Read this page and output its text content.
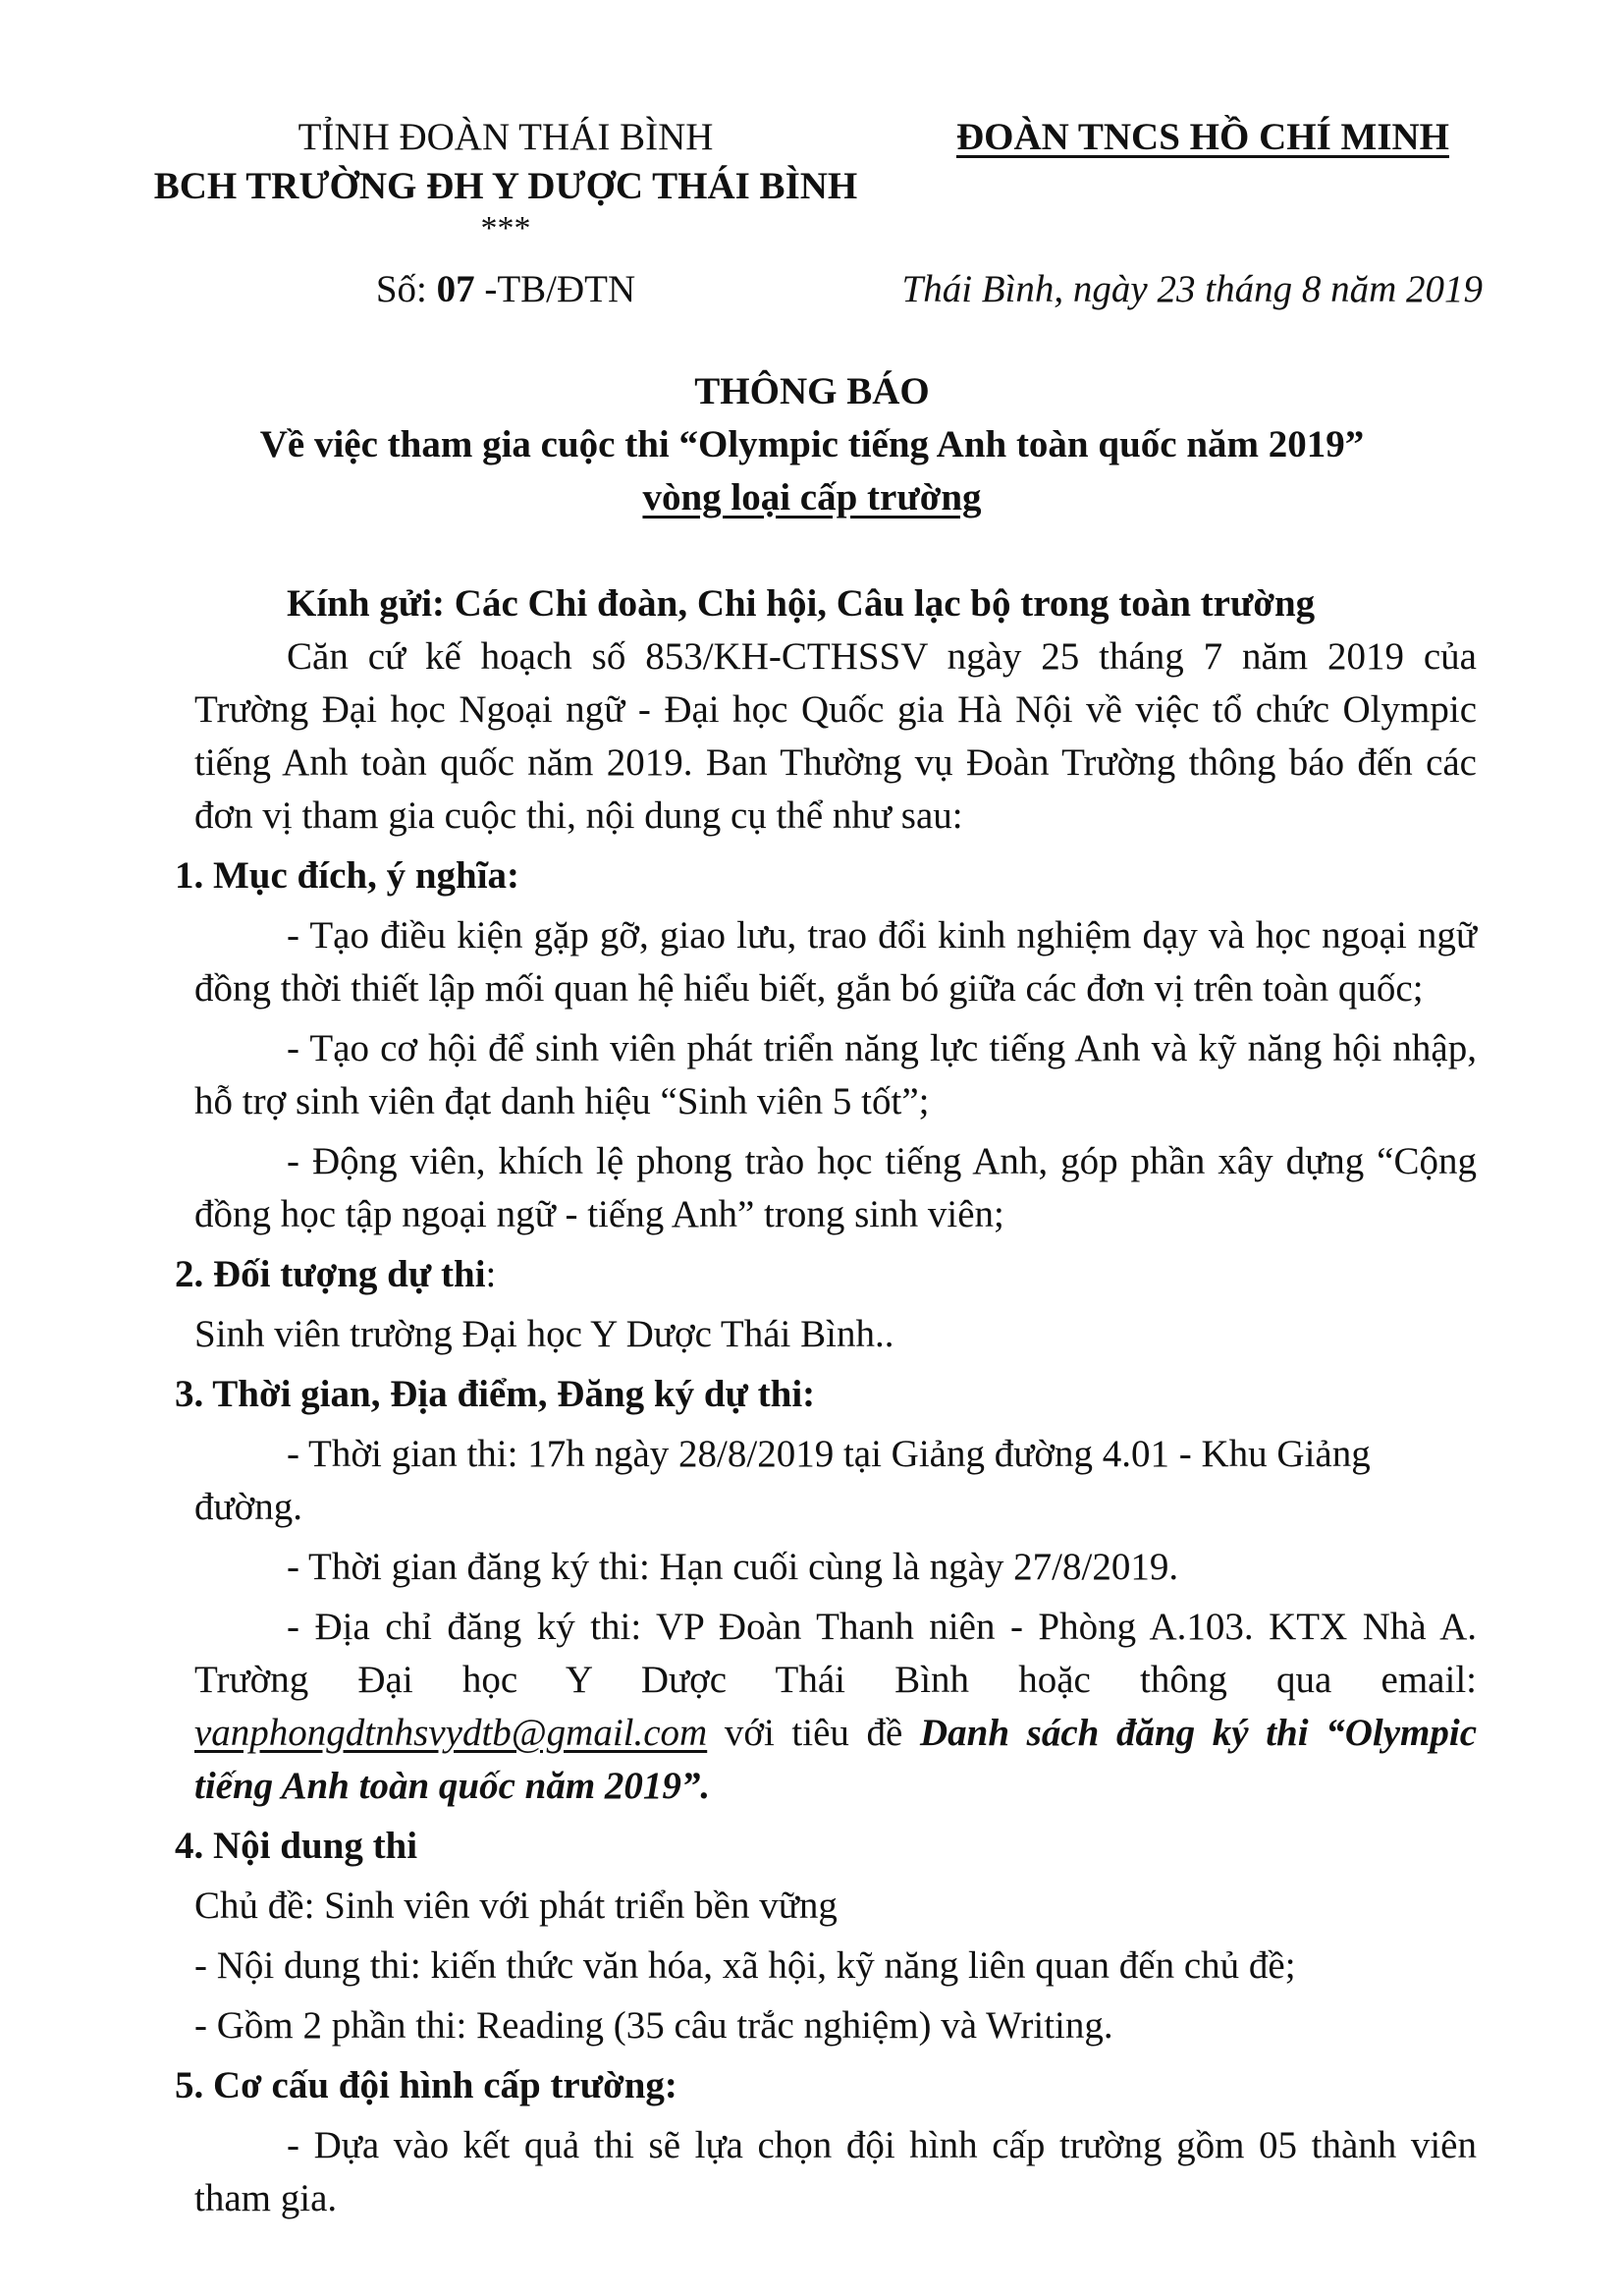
TỈNH ĐOÀN THÁI BÌNH
BCH TRƯỜNG ĐH Y DƯỢC THÁI BÌNH
***
ĐOÀN TNCS HỒ CHÍ MINH
Số: 07 -TB/ĐTN	Thái Bình, ngày 23 tháng 8 năm 2019
THÔNG BÁO
Về việc tham gia cuộc thi “Olympic tiếng Anh toàn quốc năm 2019”
vòng loại cấp trường

Kính gửi: Các Chi đoàn, Chi hội, Câu lạc bộ trong toàn trường

Căn cứ kế hoạch số 853/KH-CTHSSV ngày 25 tháng 7 năm 2019 của Trường Đại học Ngoại ngữ - Đại học Quốc gia Hà Nội về việc tổ chức Olympic tiếng Anh toàn quốc năm 2019. Ban Thường vụ Đoàn Trường thông báo đến các đơn vị tham gia cuộc thi, nội dung cụ thể như sau:

1. Mục đích, ý nghĩa:

- Tạo điều kiện gặp gỡ, giao lưu, trao đổi kinh nghiệm dạy và học ngoại ngữ đồng thời thiết lập mối quan hệ hiểu biết, gắn bó giữa các đơn vị trên toàn quốc;

- Tạo cơ hội để sinh viên phát triển năng lực tiếng Anh và kỹ năng hội nhập, hỗ trợ sinh viên đạt danh hiệu “Sinh viên 5 tốt”;

- Động viên, khích lệ phong trào học tiếng Anh, góp phần xây dựng “Cộng đồng học tập ngoại ngữ - tiếng Anh” trong sinh viên;

2. Đối tượng dự thi:

Sinh viên trường Đại học Y Dược Thái Bình..

3. Thời gian, Địa điểm, Đăng ký dự thi:

- Thời gian thi: 17h ngày 28/8/2019 tại Giảng đường 4.01 - Khu Giảng đường.

- Thời gian đăng ký thi: Hạn cuối cùng là ngày 27/8/2019.

- Địa chỉ đăng ký thi: VP Đoàn Thanh niên - Phòng A.103. KTX Nhà A.

Trường Đại học Y Dược Thái Bình hoặc thông qua email:

vanphongdtnhsvydtb@gmail.com với tiêu đề Danh sách đăng ký thi “Olympic tiếng Anh toàn quốc năm 2019”.

4. Nội dung thi

Chủ đề: Sinh viên với phát triển bền vững

- Nội dung thi: kiến thức văn hóa, xã hội, kỹ năng liên quan đến chủ đề;

- Gồm 2 phần thi: Reading (35 câu trắc nghiệm) và Writing.

5. Cơ cấu đội hình cấp trường:

- Dựa vào kết quả thi sẽ lựa chọn đội hình cấp trường gồm 05 thành viên tham gia.
